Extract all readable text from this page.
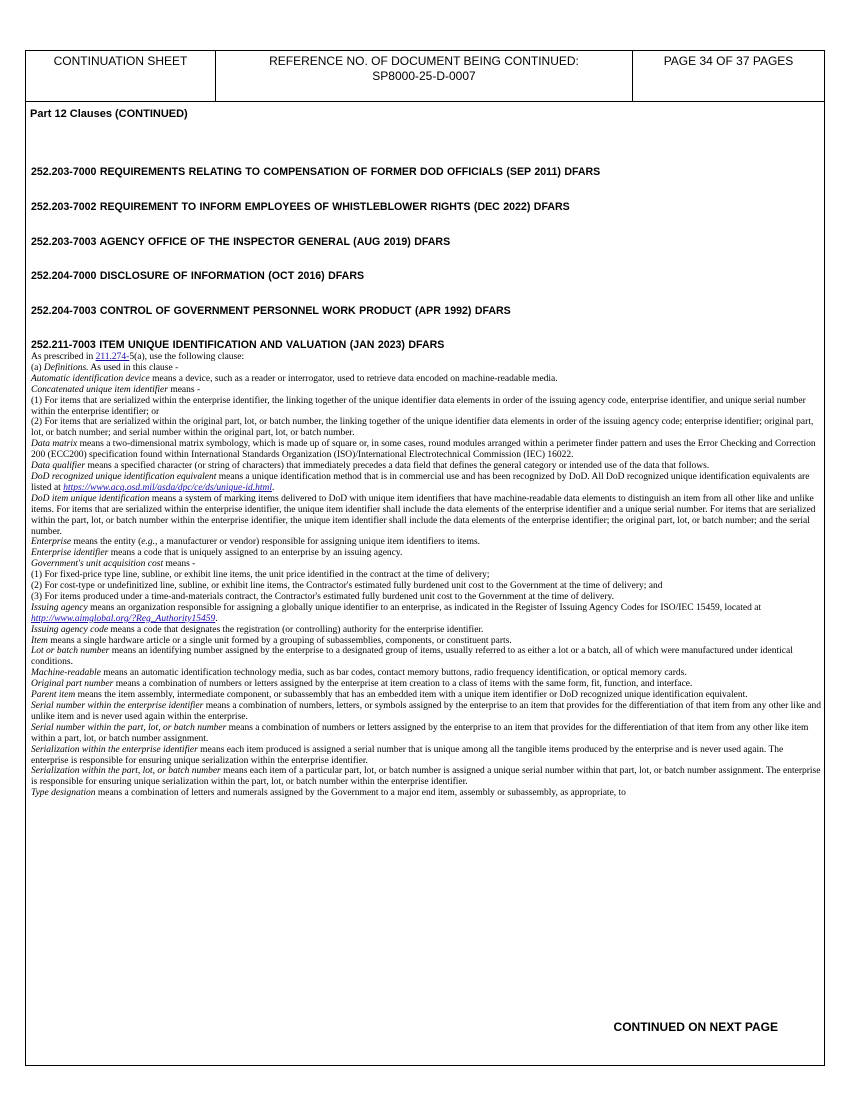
CONTINUATION SHEET	REFERENCE NO. OF DOCUMENT BEING CONTINUED:
SP8000-25-D-0007
PAGE 34 OF 37 PAGES
Part 12 Clauses (CONTINUED)
252.203-7000 REQUIREMENTS RELATING TO COMPENSATION OF FORMER DOD OFFICIALS (SEP 2011) DFARS
252.203-7002 REQUIREMENT TO INFORM EMPLOYEES OF WHISTLEBLOWER RIGHTS (DEC 2022) DFARS
252.203-7003 AGENCY OFFICE OF THE INSPECTOR GENERAL (AUG 2019) DFARS
252.204-7000 DISCLOSURE OF INFORMATION (OCT 2016) DFARS
252.204-7003 CONTROL OF GOVERNMENT PERSONNEL WORK PRODUCT (APR 1992) DFARS
252.211-7003 ITEM UNIQUE IDENTIFICATION AND VALUATION (JAN 2023) DFARS

As prescribed in 211.274-5(a), use the following clause:

(a) Definitions. As used in this clause -

Automatic identification device means a device, such as a reader or interrogator, used to retrieve data encoded on machine-readable media.

Concatenated unique item identifier means -

(1) For items that are serialized within the enterprise identifier, the linking together of the unique identifier data elements in order of the issuing agency code, enterprise identifier, and unique serial number within the enterprise identifier; or

(2) For items that are serialized within the original part, lot, or batch number, the linking together of the unique identifier data elements in order of the issuing agency code; enterprise identifier; original part, lot, or batch number; and serial number within the original part, lot, or batch number.

Data matrix means a two-dimensional matrix symbology, which is made up of square or, in some cases, round modules arranged within a perimeter finder pattern and uses the Error Checking and Correction 200 (ECC200) specification found within International Standards Organization (ISO)/International Electrotechnical Commission (IEC) 16022.

Data qualifier means a specified character (or string of characters) that immediately precedes a data field that defines the general category or intended use of the data that follows.

DoD recognized unique identification equivalent means a unique identification method that is in commercial use and has been recognized by DoD. All DoD recognized unique identification equivalents are listed at https://www.acq.osd.mil/asda/dpc/ce/ds/unique-id.html.

DoD item unique identification means a system of marking items delivered to DoD with unique item identifiers that have machine-readable data elements to distinguish an item from all other like and unlike items. For items that are serialized within the enterprise identifier, the unique item identifier shall include the data elements of the enterprise identifier and a unique serial number. For items that are serialized within the part, lot, or batch number within the enterprise identifier, the unique item identifier shall include the data elements of the enterprise identifier; the original part, lot, or batch number; and the serial number.

Enterprise means the entity (e.g., a manufacturer or vendor) responsible for assigning unique item identifiers to items.

Enterprise identifier means a code that is uniquely assigned to an enterprise by an issuing agency.

Government's unit acquisition cost means -

(1) For fixed-price type line, subline, or exhibit line items, the unit price identified in the contract at the time of delivery;

(2) For cost-type or undefinitized line, subline, or exhibit line items, the Contractor's estimated fully burdened unit cost to the Government at the time of delivery; and

(3) For items produced under a time-and-materials contract, the Contractor's estimated fully burdened unit cost to the Government at the time of delivery.

Issuing agency means an organization responsible for assigning a globally unique identifier to an enterprise, as indicated in the Register of Issuing Agency Codes for ISO/IEC 15459, located at http://www.aimglobal.org/?Reg_Authority15459.

Issuing agency code means a code that designates the registration (or controlling) authority for the enterprise identifier.

Item means a single hardware article or a single unit formed by a grouping of subassemblies, components, or constituent parts.

Lot or batch number means an identifying number assigned by the enterprise to a designated group of items, usually referred to as either a lot or a batch, all of which were manufactured under identical conditions.

Machine-readable means an automatic identification technology media, such as bar codes, contact memory buttons, radio frequency identification, or optical memory cards.

Original part number means a combination of numbers or letters assigned by the enterprise at item creation to a class of items with the same form, fit, function, and interface.

Parent item means the item assembly, intermediate component, or subassembly that has an embedded item with a unique item identifier or DoD recognized unique identification equivalent.

Serial number within the enterprise identifier means a combination of numbers, letters, or symbols assigned by the enterprise to an item that provides for the differentiation of that item from any other like and unlike item and is never used again within the enterprise.

Serial number within the part, lot, or batch number means a combination of numbers or letters assigned by the enterprise to an item that provides for the differentiation of that item from any other like item within a part, lot, or batch number assignment.

Serialization within the enterprise identifier means each item produced is assigned a serial number that is unique among all the tangible items produced by the enterprise and is never used again. The enterprise is responsible for ensuring unique serialization within the enterprise identifier.

Serialization within the part, lot, or batch number means each item of a particular part, lot, or batch number is assigned a unique serial number within that part, lot, or batch number assignment. The enterprise is responsible for ensuring unique serialization within the part, lot, or batch number within the enterprise identifier.

Type designation means a combination of letters and numerals assigned by the Government to a major end item, assembly or subassembly, as appropriate, to

CONTINUED ON NEXT PAGE
